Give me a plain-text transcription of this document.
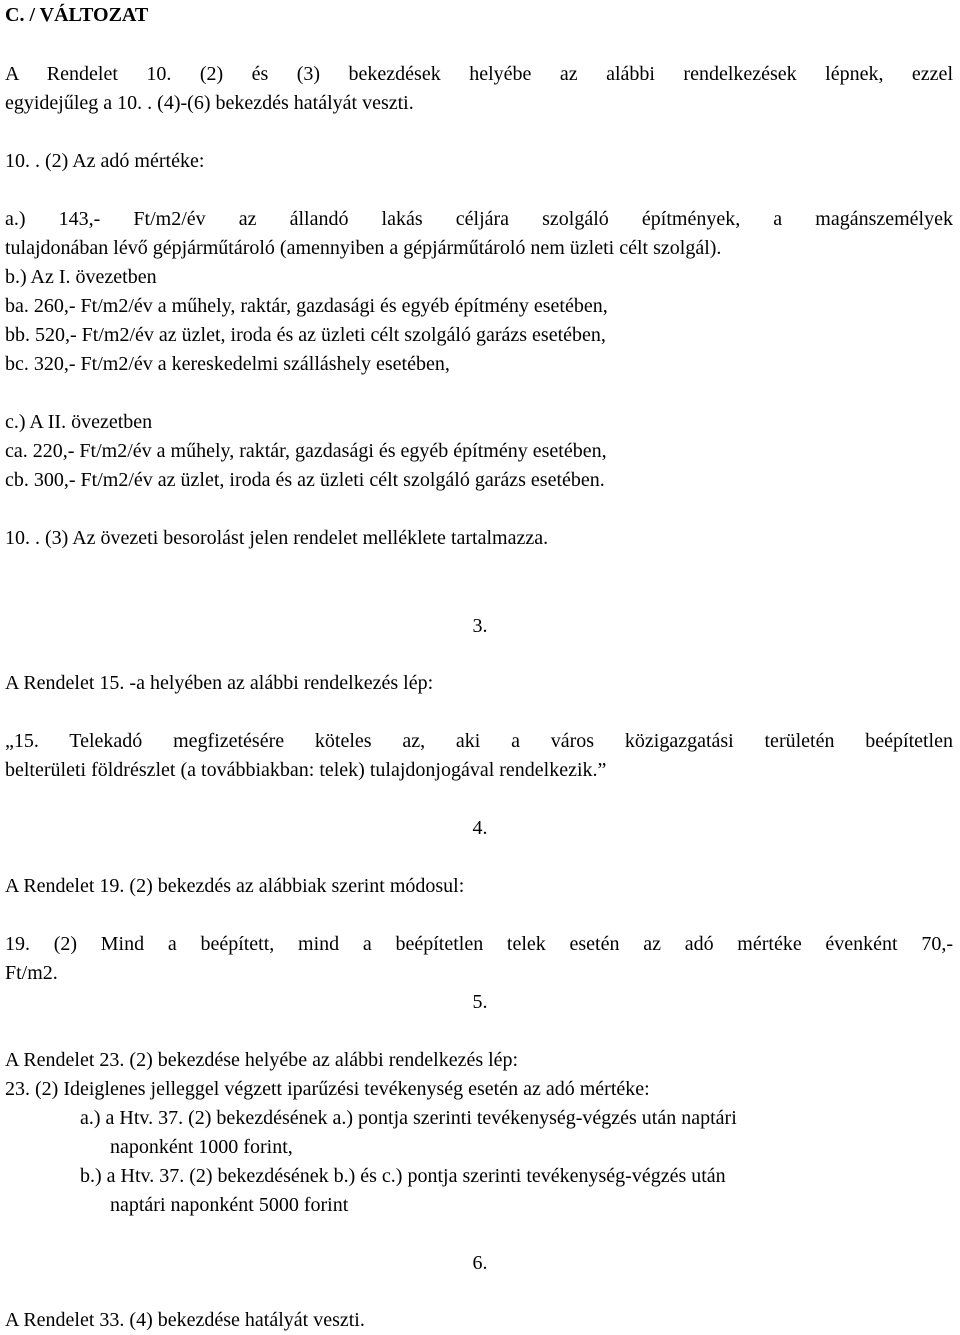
C. / VÁLTOZAT
A Rendelet 10. (2) és (3) bekezdések helyébe az alábbi rendelkezések lépnek, ezzel
egyidejűleg a 10. . (4)-(6) bekezdés hatályát veszti.
10. . (2) Az adó mértéke:
a.) 143,- Ft/m2/év az állandó lakás céljára szolgáló építmények, a magánszemélyek
tulajdonában lévő gépjárműtároló (amennyiben a gépjárműtároló nem üzleti célt szolgál).
b.) Az I. övezetben
ba. 260,- Ft/m2/év a műhely, raktár, gazdasági és egyéb építmény esetében,
bb. 520,- Ft/m2/év az üzlet, iroda és az üzleti célt szolgáló garázs esetében,
bc. 320,- Ft/m2/év a kereskedelmi szálláshely esetében,
c.) A II. övezetben
ca. 220,- Ft/m2/év a műhely, raktár, gazdasági és egyéb építmény esetében,
cb. 300,- Ft/m2/év az üzlet, iroda és az üzleti célt szolgáló garázs esetében.
10. . (3) Az övezeti besorolást jelen rendelet melléklete tartalmazza.
3.
A Rendelet 15. -a helyében az alábbi rendelkezés lép:
„15. Telekadó megfizetésére köteles az, aki a város közigazgatási területén beépítetlen
belterületi földrészlet (a továbbiakban: telek) tulajdonjogával rendelkezik.”
4.
A Rendelet 19. (2) bekezdés az alábbiak szerint módosul:
19. (2) Mind a beépített, mind a beépítetlen telek esetén az adó mértéke évenként 70,-
Ft/m2.
5.
A Rendelet 23. (2) bekezdése helyébe az alábbi rendelkezés lép:
23. (2) Ideiglenes jelleggel végzett iparűzési tevékenység esetén az adó mértéke:
a.) a Htv. 37. (2) bekezdésének a.) pontja szerinti tevékenység-végzés után naptári
naponként 1000 forint,
b.) a Htv. 37. (2) bekezdésének b.) és c.) pontja szerinti tevékenység-végzés után
naptári naponként 5000 forint
6.
A Rendelet 33. (4) bekezdése hatályát veszti.
